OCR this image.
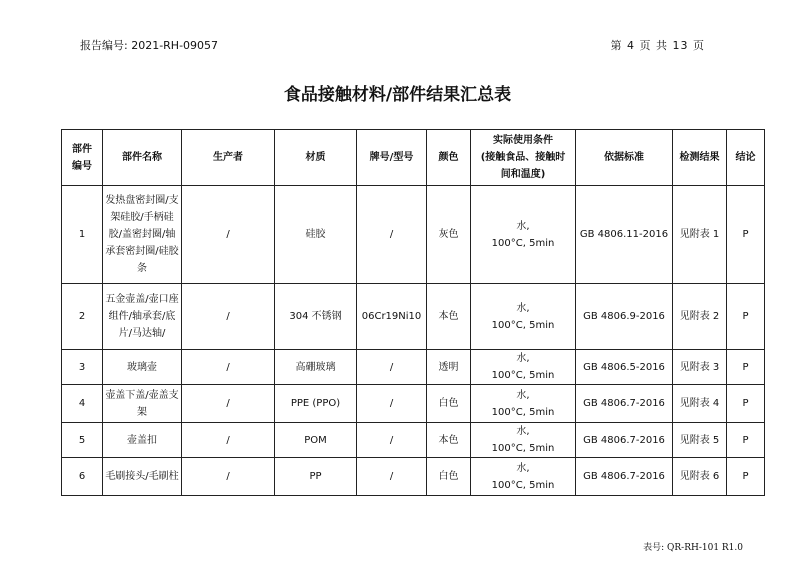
报告编号: 2021-RH-09057	第 4 页 共 13 页
食品接触材料/部件结果汇总表
部件
编号	部件名称	生产者	材质	牌号/型号	颜色	实际使用条件
(接触食品、接触时
间和温度)	依据标准	检测结果	结论
1	发热盘密封圈/支架硅胶/手柄硅胶/盖密封圈/轴承套密封圈/硅胶条	/	硅胶	/	灰色	水,
100°C, 5min	GB 4806.11-2016	见附表 1	P
2	五金壶盖/壶口座组件/轴承套/底片/马达轴/	/	304 不锈钢	06Cr19Ni10	本色	水,
100°C, 5min	GB 4806.9-2016	见附表 2	P
3	玻璃壶	/	高硼玻璃	/	透明	水,
100°C, 5min	GB 4806.5-2016	见附表 3	P
4	壶盖下盖/壶盖支架	/	PPE (PPO)	/	白色	水,
100°C, 5min	GB 4806.7-2016	见附表 4	P
5	壶盖扣	/	POM	/	本色	水,
100°C, 5min	GB 4806.7-2016	见附表 5	P
6	毛刷接头/毛刷柱	/	PP	/	白色	水,
100°C, 5min	GB 4806.7-2016	见附表 6	P
表号: QR-RH-101 R1.0
